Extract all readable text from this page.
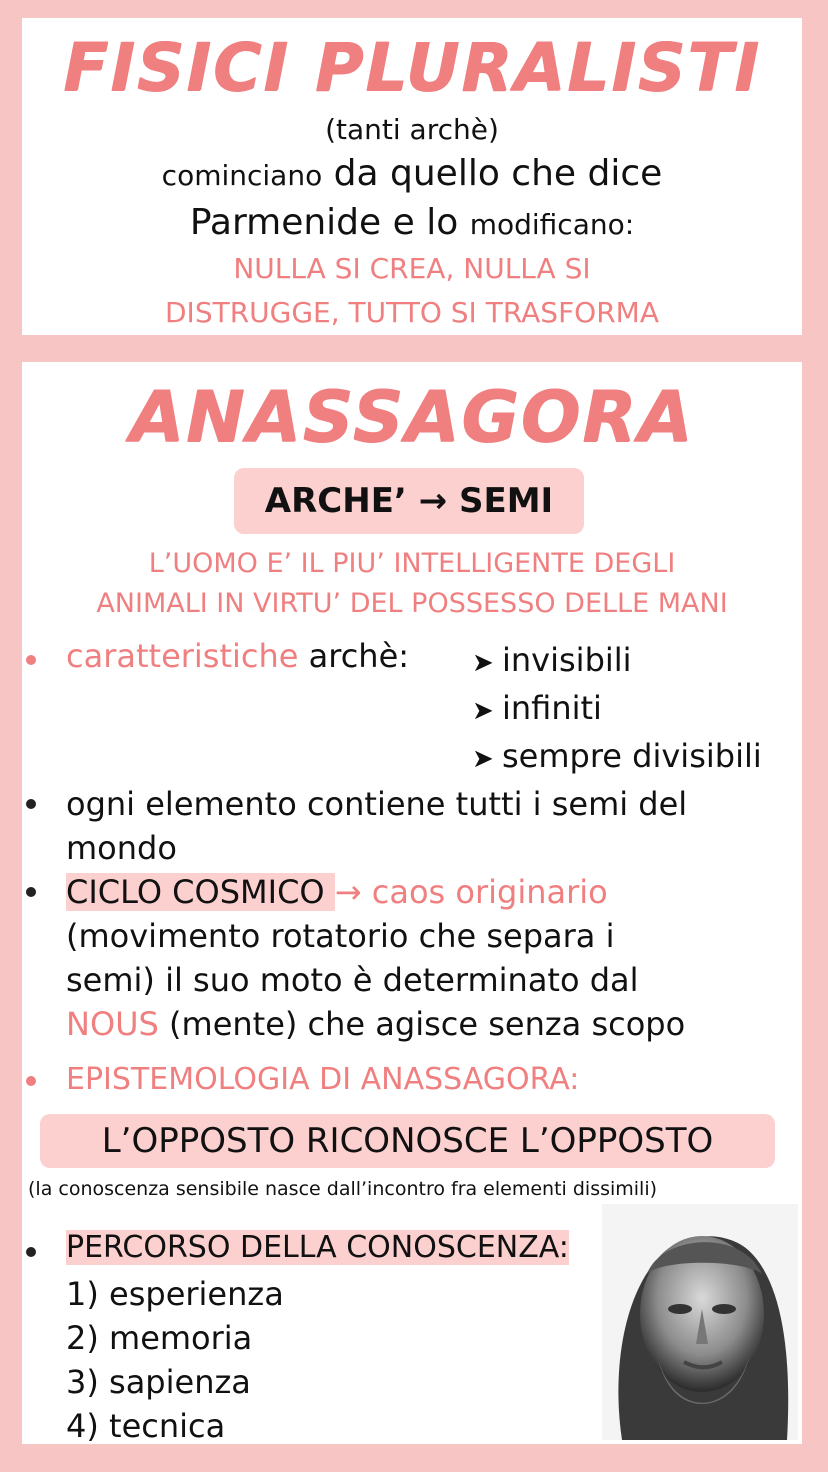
FISICI PLURALISTI
(tanti archè)
cominciano da quello che dice
Parmenide e lo modificano:
NULLA SI CREA, NULLA SI
DISTRUGGE, TUTTO SI TRASFORMA
ANASSAGORA
ARCHE’ → SEMI
L’UOMO E’ IL PIU’ INTELLIGENTE DEGLI
ANIMALI IN VIRTU’ DEL POSSESSO DELLE MANI
caratteristiche archè: ➤ invisibili
➤ infiniti
➤ sempre divisibili
ogni elemento contiene tutti i semi del
mondo
CICLO COSMICO → caos originario
(movimento rotatorio che separa i
semi) il suo moto è determinato dal
NOUS (mente) che agisce senza scopo
EPISTEMOLOGIA DI ANASSAGORA:
L’OPPOSTO RICONOSCE L’OPPOSTO
(la conoscenza sensibile nasce dall’incontro fra elementi dissimili)
PERCORSO DELLA CONOSCENZA:
1) esperienza
2) memoria
3) sapienza
4) tecnica
